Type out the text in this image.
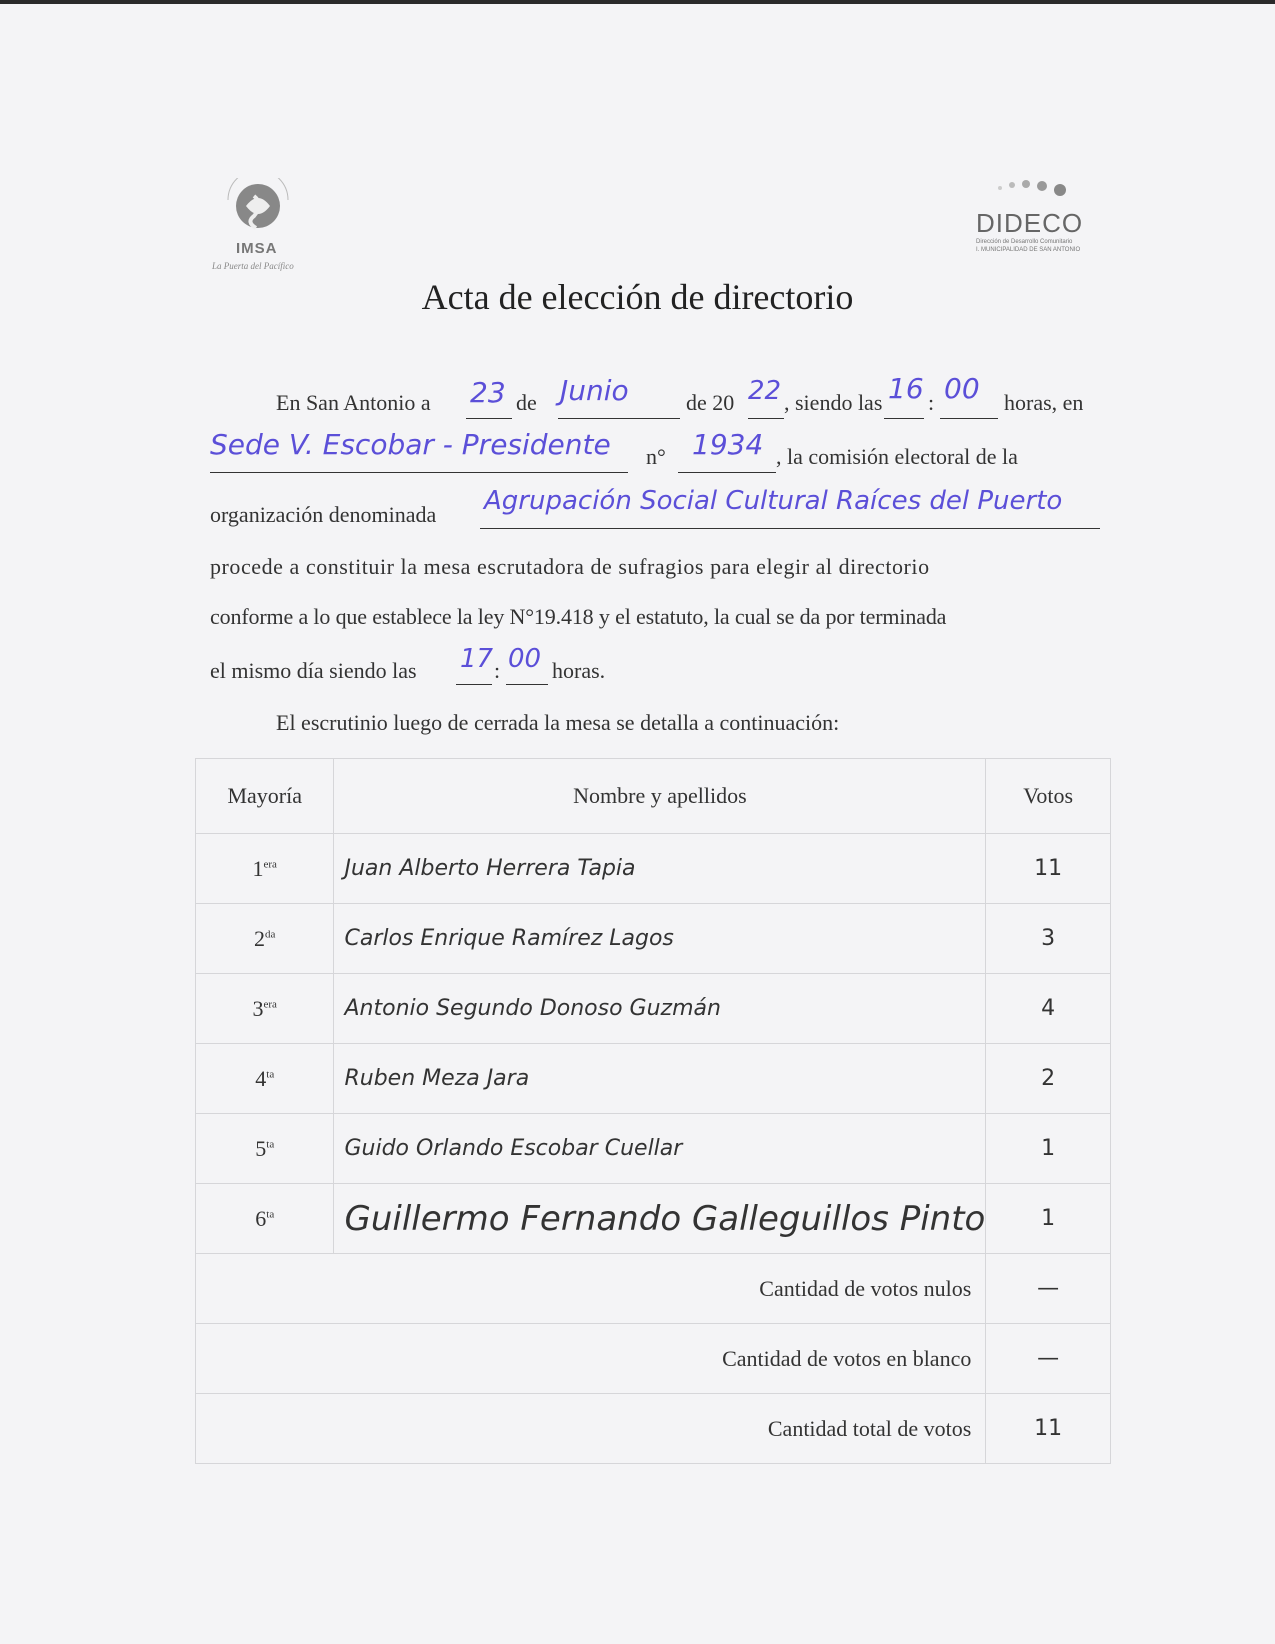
IMSA
La Puerta del Pacífico
DIDECO
Dirección de Desarrollo Comunitario
I. MUNICIPALIDAD DE SAN ANTONIO
Acta de elección de directorio
En San Antonio a 23 de Junio	de 20 22 , siendo las 16 : 00 horas, en
Sede V. Escobar - Presidente n° 1934 , la comisión electoral de la
organización denominada Agrupación Social Cultural Raíces del Puerto
procede a constituir la mesa escrutadora de sufragios para elegir al directorio
conforme a lo que establece la ley N°19.418 y el estatuto, la cual se da por terminada
el mismo día siendo las 17 : 00 horas.
El escrutinio luego de cerrada la mesa se detalla a continuación:
Mayoría	Nombre y apellidos	Votos
$1^{era}$	Juan Alberto Herrera Tapia	11
$2^{da}$	Carlos Enrique Ramírez Lagos	3
$3^{era}$	Antonio Segundo Donoso Guzmán	4
$4^{ta}$	Ruben Meza Jara	2
$5^{ta}$	Guido Orlando Escobar Cuellar	1
$6^{ta}$	Guillermo Fernando Galleguillos Pinto	1
Cantidad de votos nulos		—
Cantidad de votos en blanco		—
Cantidad total de votos		11
